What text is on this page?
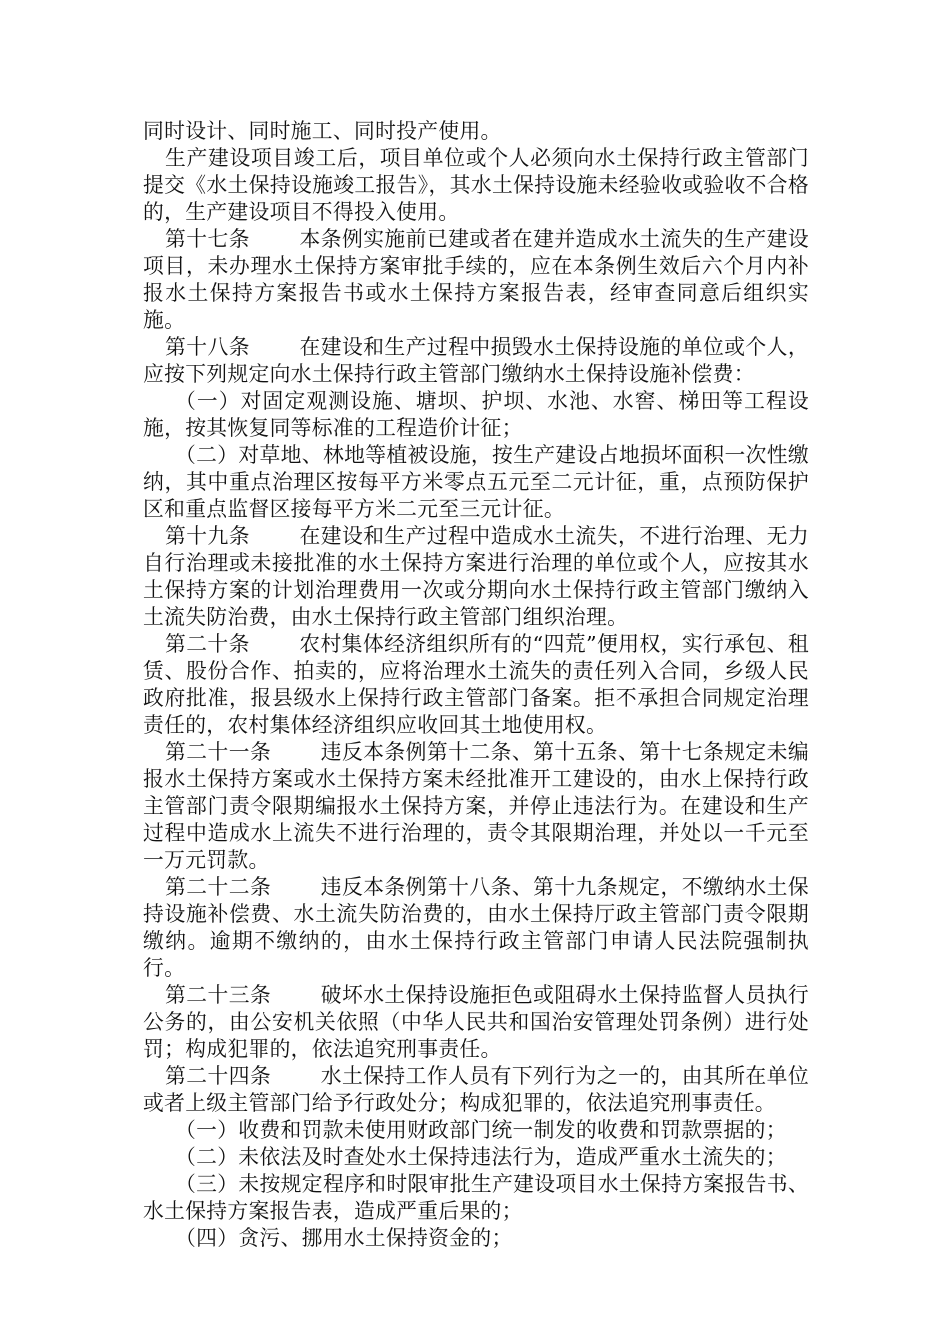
同时设计、同时施工、同时投产使用。

生产建设项目竣工后，项目单位或个人必须向水土保持行政主管部门提交《水土保持设施竣工报告》，其水土保持设施未经验收或验收不合格的，生产建设项目不得投入使用。

第十七条　　 本条例实施前已建或者在建并造成水土流失的生产建设项目，未办理水土保持方案审批手续的，应在本条例生效后六个月内补报水土保持方案报告书或水土保持方案报告表，经审查同意后组织实施。

第十八条　　 在建设和生产过程中损毁水土保持设施的单位或个人，应按下列规定向水土保持行政主管部门缴纳水土保持设施补偿费：

（一）对固定观测设施、塘坝、护坝、水池、水窖、梯田等工程设施，按其恢复同等标准的工程造价计征；

（二）对草地、林地等植被设施，按生产建设占地损坏面积一次性缴纳，其中重点治理区按每平方米零点五元至二元计征，重，点预防保护区和重点监督区接每平方米二元至三元计征。

第十九条　　 在建设和生产过程中造成水土流失，不进行治理、无力自行治理或未接批准的水土保持方案进行治理的单位或个人，应按其水土保持方案的计划治理费用一次或分期向水土保持行政主管部门缴纳入土流失防治费，由水土保持行政主管部门组织治理。

第二十条　　 农村集体经济组织所有的“四荒”便用权，实行承包、租赁、股份合作、拍卖的，应将治理水土流失的责任列入合同，乡级人民政府批准，报县级水上保持行政主管部门备案。拒不承担合同规定治理责任的，农村集体经济组织应收回其土地使用权。

第二十一条　　 违反本条例第十二条、第十五条、第十七条规定未编报水土保持方案或水土保持方案未经批准开工建设的，由水上保持行政主管部门责令限期编报水土保持方案，并停止违法行为。在建设和生产过程中造成水上流失不进行治理的，责令其限期治理，并处以一千元至一万元罚款。

第二十二条　　 违反本条例第十八条、第十九条规定，不缴纳水土保持设施补偿费、水土流失防治费的，由水土保持厅政主管部门责令限期缴纳。逾期不缴纳的，由水土保持行政主管部门申请人民法院强制执行。

第二十三条　　 破坏水土保持设施拒色或阻碍水土保持监督人员执行公务的，由公安机关依照（中华人民共和国治安管理处罚条例）进行处罚；构成犯罪的，依法追究刑事责任。

第二十四条　　 水土保持工作人员有下列行为之一的，由其所在单位或者上级主管部门给予行政处分；构成犯罪的，依法追究刑事责任。

（一）收费和罚款未使用财政部门统一制发的收费和罚款票据的；

（二）未依法及时查处水土保持违法行为，造成严重水土流失的；

（三）未按规定程序和时限审批生产建设项目水土保持方案报告书、水土保持方案报告表，造成严重后果的；

（四）贪污、挪用水土保持资金的；
